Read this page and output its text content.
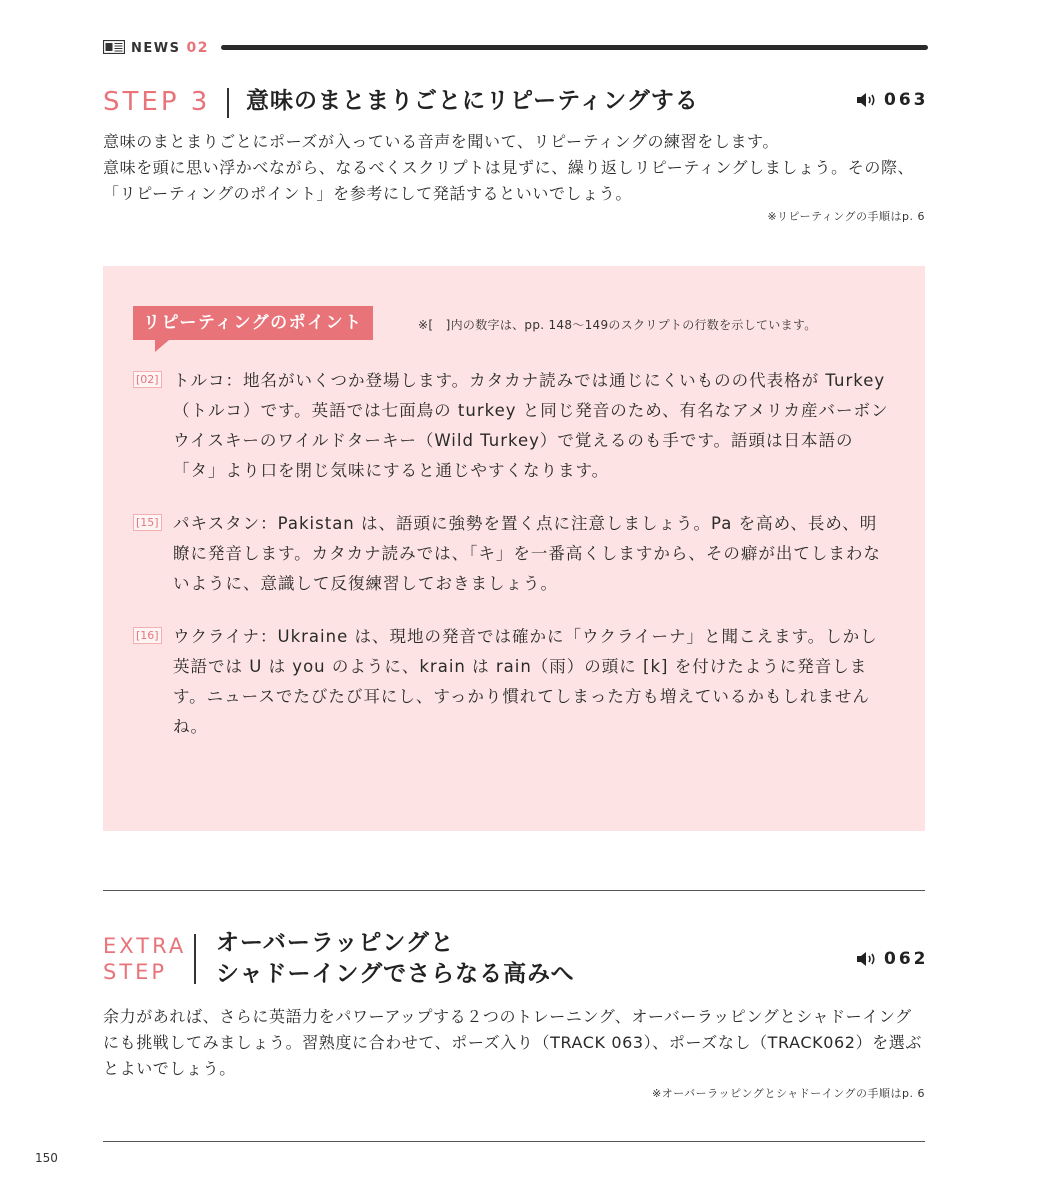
NEWS 02
STEP 3 意味のまとまりごとにリピーティングする	063
意味のまとまりごとにポーズが入っている音声を聞いて、リピーティングの練習をします。
意味を頭に思い浮かべながら、なるべくスクリプトは見ずに、繰り返しリピーティングしましょう。その際、「リピーティングのポイント」を参考にして発話するといいでしょう。
※リピーティングの手順はp. 6
リピーティングのポイント	※[　]内の数字は、pp. 148～149のスクリプトの行数を示しています。
[02] トルコ：地名がいくつか登場します。カタカナ読みでは通じにくいものの代表格が Turkey（トルコ）です。英語では七面鳥の turkey と同じ発音のため、有名なアメリカ産バーボンウイスキーのワイルドターキー（Wild Turkey）で覚えるのも手です。語頭は日本語の「タ」より口を閉じ気味にすると通じやすくなります。
[15] パキスタン：Pakistan は、語頭に強勢を置く点に注意しましょう。Pa を高め、長め、明瞭に発音します。カタカナ読みでは、「キ」を一番高くしますから、その癖が出てしまわないように、意識して反復練習しておきましょう。
[16] ウクライナ：Ukraine は、現地の発音では確かに「ウクライーナ」と聞こえます。しかし英語では U は you のように、krain は rain（雨）の頭に [k] を付けたように発音します。ニュースでたびたび耳にし、すっかり慣れてしまった方も増えているかもしれませんね。
EXTRA
STEP
オーバーラッピングと
シャドーイングでさらなる高みへ
062
余力があれば、さらに英語力をパワーアップする２つのトレーニング、オーバーラッピングとシャドーイングにも挑戦してみましょう。習熟度に合わせて、ポーズ入り（TRACK 063）、ポーズなし（TRACK062）を選ぶとよいでしょう。
※オーバーラッピングとシャドーイングの手順はp. 6
150
